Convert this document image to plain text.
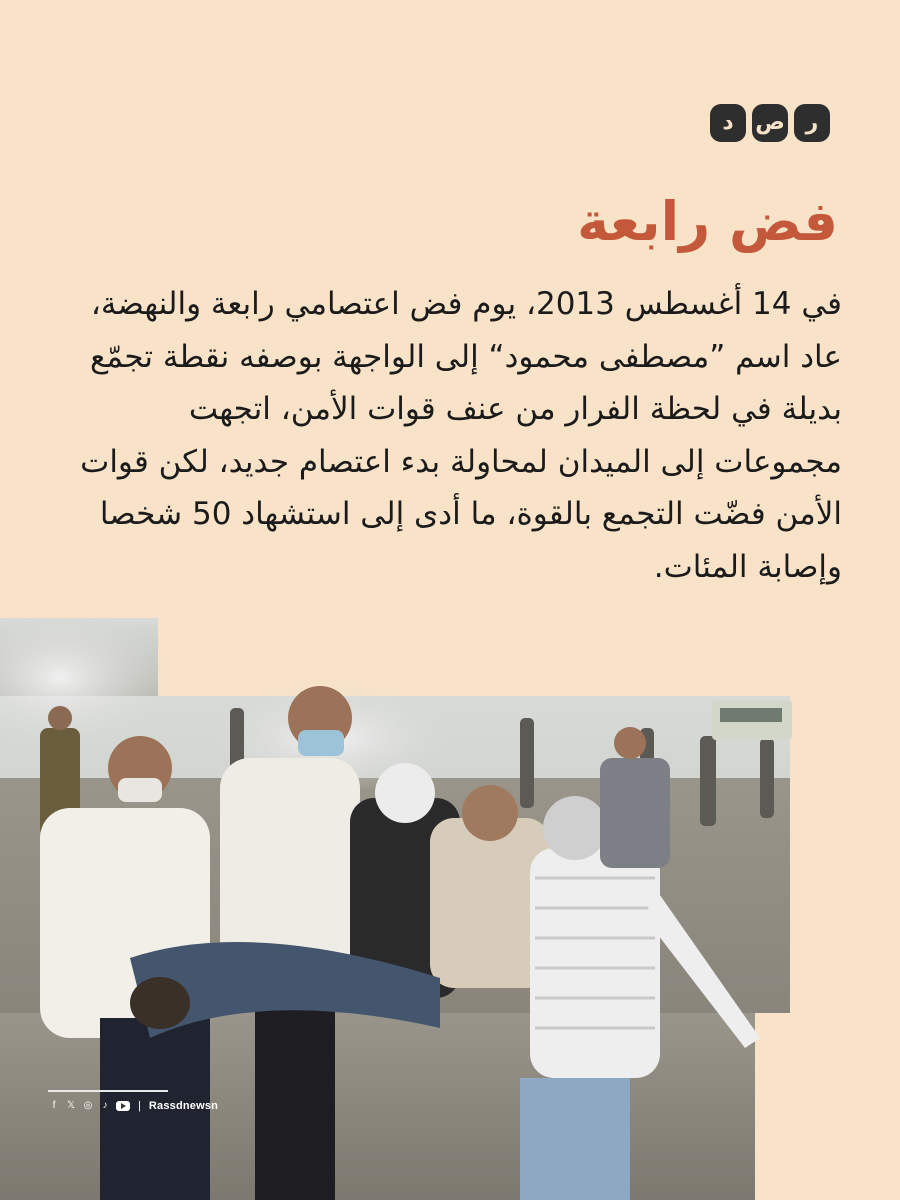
ر
ص
د
فض رابعة

في 14 أغسطس 2013، يوم فض اعتصامي رابعة والنهضة، عاد اسم ”مصطفى محمود“ إلى الواجهة بوصفه نقطة تجمّع بديلة في لحظة الفرار من عنف قوات الأمن، اتجهت مجموعات إلى الميدان لمحاولة بدء اعتصام جديد، لكن قوات الأمن فضّت التجمع بالقوة، ما أدى إلى استشهاد 50 شخصا وإصابة المئات.

f	𝕏 ◎	♪	| Rassdnewsn
